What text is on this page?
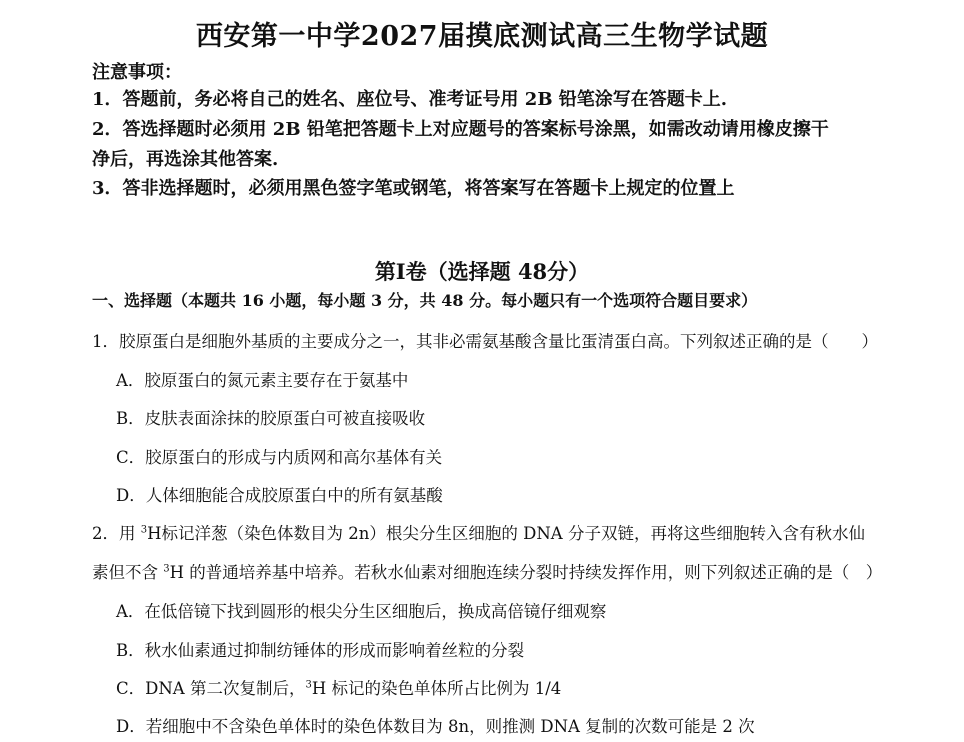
西安第一中学2027届摸底测试高三生物学试题
注意事项：
1．答题前，务必将自己的姓名、座位号、准考证号用 2B 铅笔涂写在答题卡上.
2．答选择题时必须用 2B 铅笔把答题卡上对应题号的答案标号涂黑，如需改动请用橡皮擦干
净后，再选涂其他答案.
3．答非选择题时，必须用黑色签字笔或钢笔，将答案写在答题卡上规定的位置上
第Ⅰ卷（选择题 48分）
一、选择题（本题共 16 小题，每小题 3 分，共 48 分。每小题只有一个选项符合题目要求）
1．胶原蛋白是细胞外基质的主要成分之一，其非必需氨基酸含量比蛋清蛋白高。下列叙述正确的是（　　）
A．胶原蛋白的氮元素主要存在于氨基中
B．皮肤表面涂抹的胶原蛋白可被直接吸收
C．胶原蛋白的形成与内质网和高尔基体有关
D．人体细胞能合成胶原蛋白中的所有氨基酸
2．用 $^3$H标记洋葱（染色体数目为 2n）根尖分生区细胞的 DNA 分子双链，再将这些细胞转入含有秋水仙
素但不含 $^3$H 的普通培养基中培养。若秋水仙素对细胞连续分裂时持续发挥作用，则下列叙述正确的是（　）
A．在低倍镜下找到圆形的根尖分生区细胞后，换成高倍镜仔细观察
B．秋水仙素通过抑制纺锤体的形成而影响着丝粒的分裂
C．DNA 第二次复制后，$^3$H 标记的染色单体所占比例为 1/4
D．若细胞中不含染色单体时的染色体数目为 8n，则推测 DNA 复制的次数可能是 2 次
